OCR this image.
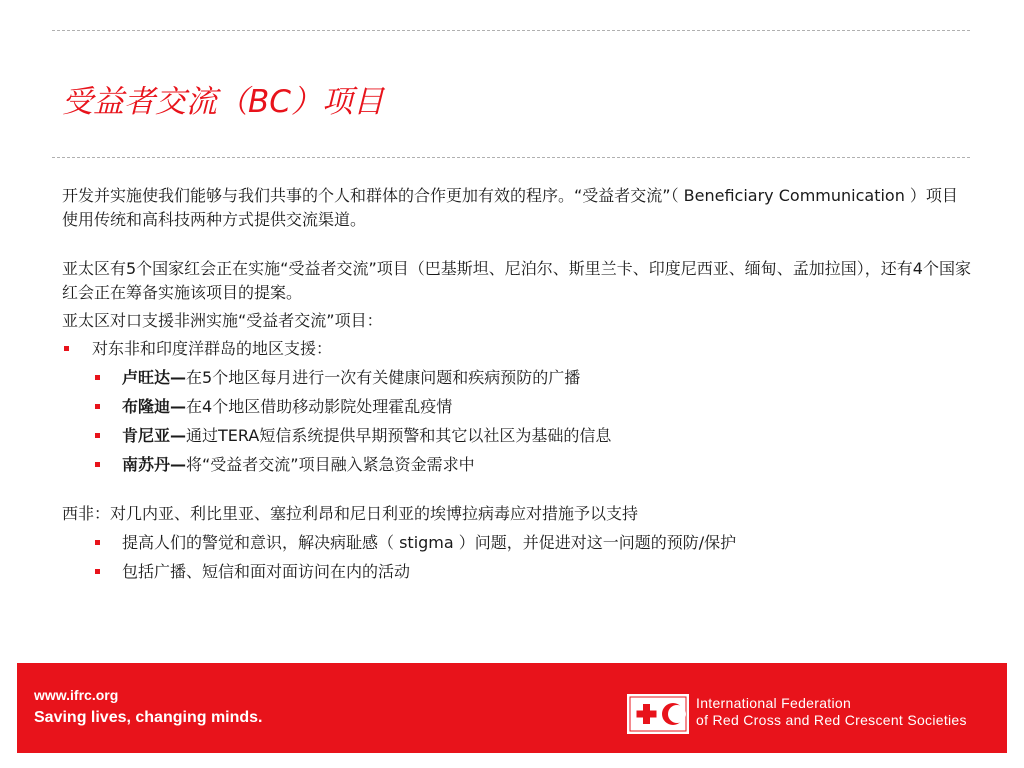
受益者交流（BC）项目

开发并实施使我们能够与我们共事的个人和群体的合作更加有效的程序。“受益者交流”（ Beneficiary Communication ）项目使用传统和高科技两种方式提供交流渠道。

亚太区有5个国家红会正在实施“受益者交流”项目（巴基斯坦、尼泊尔、斯里兰卡、印度尼西亚、缅甸、孟加拉国），还有4个国家红会正在筹备实施该项目的提案。

亚太区对口支援非洲实施“受益者交流”项目：

对东非和印度洋群岛的地区支援：
卢旺达—在5个地区每月进行一次有关健康问题和疾病预防的广播
布隆迪—在4个地区借助移动影院处理霍乱疫情
肯尼亚—通过TERA短信系统提供早期预警和其它以社区为基础的信息
南苏丹—将“受益者交流”项目融入紧急资金需求中

西非：对几内亚、利比里亚、塞拉利昂和尼日利亚的埃博拉病毒应对措施予以支持

提高人们的警觉和意识，解决病耻感（ stigma ）问题，并促进对这一问题的预防/保护
包括广播、短信和面对面访问在内的活动
www.ifrc.org
Saving lives, changing minds.
International Federation
of Red Cross and Red Crescent Societies
